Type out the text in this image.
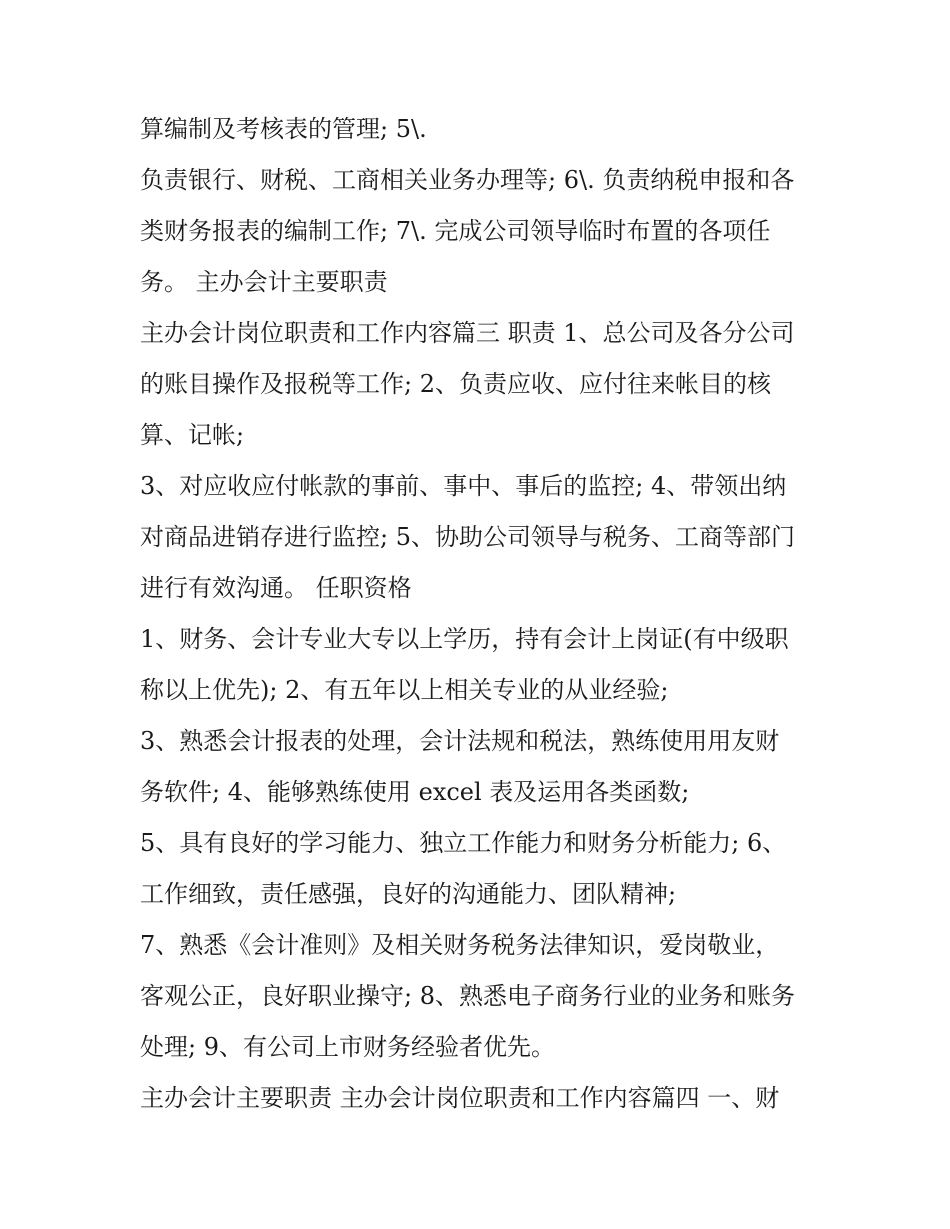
算编制及考核表的管理; 5\.
负责银行、财税、工商相关业务办理等; 6\. 负责纳税申报和各
类财务报表的编制工作; 7\. 完成公司领导临时布置的各项任
务。 主办会计主要职责
主办会计岗位职责和工作内容篇三 职责 1、总公司及各分公司
的账目操作及报税等工作; 2、负责应收、应付往来帐目的核
算、记帐;
3、对应收应付帐款的事前、事中、事后的监控; 4、带领出纳
对商品进销存进行监控; 5、协助公司领导与税务、工商等部门
进行有效沟通。 任职资格
1、财务、会计专业大专以上学历，持有会计上岗证(有中级职
称以上优先); 2、有五年以上相关专业的从业经验;
3、熟悉会计报表的处理，会计法规和税法，熟练使用用友财
务软件; 4、能够熟练使用 excel 表及运用各类函数;
5、具有良好的学习能力、独立工作能力和财务分析能力; 6、
工作细致，责任感强，良好的沟通能力、团队精神;
7、熟悉《会计准则》及相关财务税务法律知识，爱岗敬业，
客观公正，良好职业操守; 8、熟悉电子商务行业的业务和账务
处理; 9、有公司上市财务经验者优先。
主办会计主要职责 主办会计岗位职责和工作内容篇四 一、财
